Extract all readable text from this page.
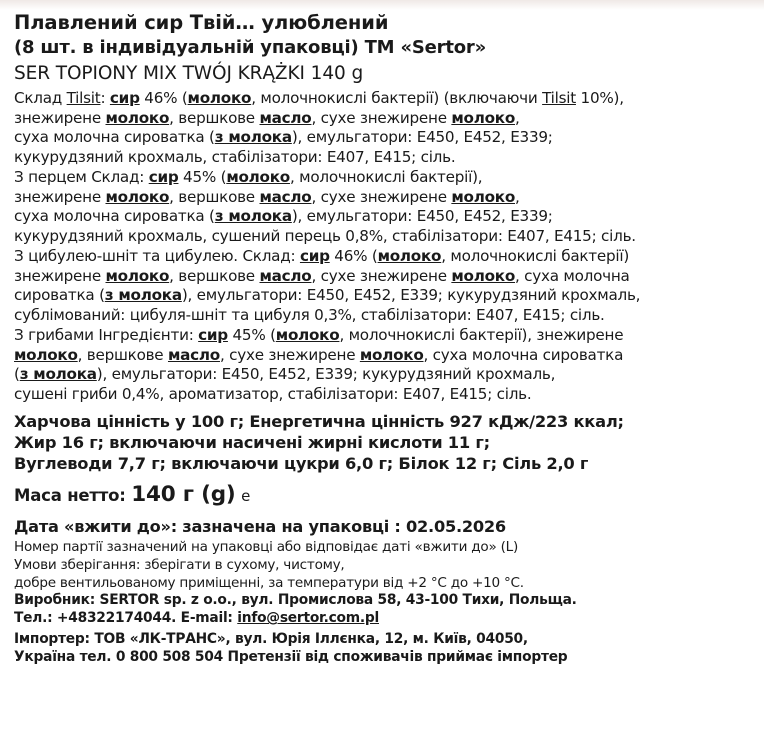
Плавлений сир Твій… улюблений
(8 шт. в індивідуальній упаковці) ТМ «Sertor»
SER TOPIONY MIX TWÓJ KRĄŻKI 140 g
Склад Tilsit: сир 46% (молоко, молочнокислі бактерії) (включаючи Tilsit 10%),
знежирене молоко, вершкове масло, сухе знежирене молоко,
суха молочна сироватка (з молока), емульгатори: Е450, Е452, Е339;
кукурудзяний крохмаль, стабілізатори: Е407, Е415; сіль.
З перцем Склад: сир 45% (молоко, молочнокислі бактерії),
знежирене молоко, вершкове масло, сухе знежирене молоко,
суха молочна сироватка (з молока), емульгатори: Е450, Е452, Е339;
кукурудзяний крохмаль, сушений перець 0,8%, стабілізатори: Е407, Е415; сіль.
З цибулею-шніт та цибулею. Склад: сир 46% (молоко, молочнокислі бактерії)
знежирене молоко, вершкове масло, сухе знежирене молоко, суха молочна
сироватка (з молока), емульгатори: Е450, Е452, Е339; кукурудзяний крохмаль,
сублімований: цибуля-шніт та цибуля 0,3%, стабілізатори: Е407, Е415; сіль.
З грибами Інгредієнти: сир 45% (молоко, молочнокислі бактерії), знежирене
молоко, вершкове масло, сухе знежирене молоко, суха молочна сироватка
(з молока), емульгатори: Е450, Е452, Е339; кукурудзяний крохмаль,
сушені гриби 0,4%, ароматизатор, стабілізатори: Е407, Е415; сіль.
Харчова цінність у 100 г; Енергетична цінність 927 кДж/223 ккал;
Жир 16 г; включаючи насичені жирні кислоти 11 г;
Вуглеводи 7,7 г; включаючи цукри 6,0 г; Білок 12 г; Сіль 2,0 г
Маса нетто: 140 г (g) e
Дата «вжити до»: зазначена на упаковці : 02.05.2026
Номер партії зазначений на упаковці або відповідає даті «вжити до» (L)
Умови зберігання: зберігати в сухому, чистому,
добре вентильованому приміщенні, за температури від +2 °C до +10 °C.
Виробник: SERTOR sp. z o.o., вул. Промислова 58, 43-100 Тихи, Польща.
Тел.: +48322174044. E-mail: info@sertor.com.pl
Імпортер: ТОВ «ЛК-ТРАНС», вул. Юрія Іллєнка, 12, м. Київ, 04050,
Україна тел. 0 800 508 504 Претензії від споживачів приймає імпортер
